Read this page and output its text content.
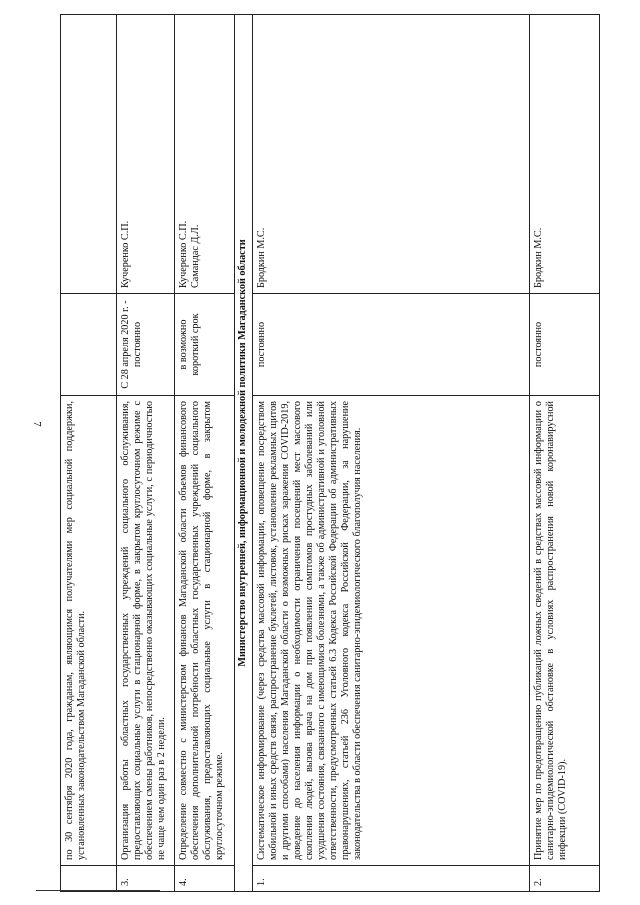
7
	по 30 сентября 2020 года, гражданам, являющимся получателями мер социальной поддержки, установленных законодательством Магаданской области.		
3.	Организация работы областных государственных учреждений социального обслуживания, предоставляющих социальные услуги в стационарной форме, в закрытом круглосуточном режиме с обеспечением смены работников, непосредственно оказывающих социальные услуги, с периодичностью не чаще чем один раз в 2 недели.	С 28 апреля 2020 г. - постоянно	Кучеренко С.П.

4.	Определение совместно с министерством финансов Магаданской области объемов финансового обеспечения дополнительной потребности областных государственных учреждений социального обслуживания, предоставляющих социальные услуги в стационарной форме, в закрытом круглосуточном режиме.	в возможно короткий срок	Кучеренко С.П. Самандас Д.Л.

Министерство внутренней, информационной и молодежной политики Магаданской области			
1.	Систематическое информирование (через средства массовой информации, оповещение посредством мобильной и иных средств связи, распространение буклетей, листовок, установление рекламных щитов и другими способами) населения Магаданской области о возможных рисках заражения COVID-2019, доведение до населения информации о необходимости ограничения посещений мест массового скопления людей, вызова врача на дом при появлении симптомов простудных заболеваний или ухудшения состояния, связанного с имеющимися болезнями, а также об административной и уголовной ответственности, предусмотренных статьей 6.3 Кодекса Российской Федерации об административных правонарушениях, статьей 236 Уголовного кодекса Российской Федерации, за нарушение законодательства в области обеспечения санитарно-эпидемиологического благополучия населения.	постоянно	Бродкин М.С.

2.	Принятие мер по предотвращению публикаций ложных сведений в средствах массовой информации о санитарно-эпидемиологической обстановке в условиях распространения новой коронавирусной инфекции (COVID-19).	постоянно	Бродкин М.С.
